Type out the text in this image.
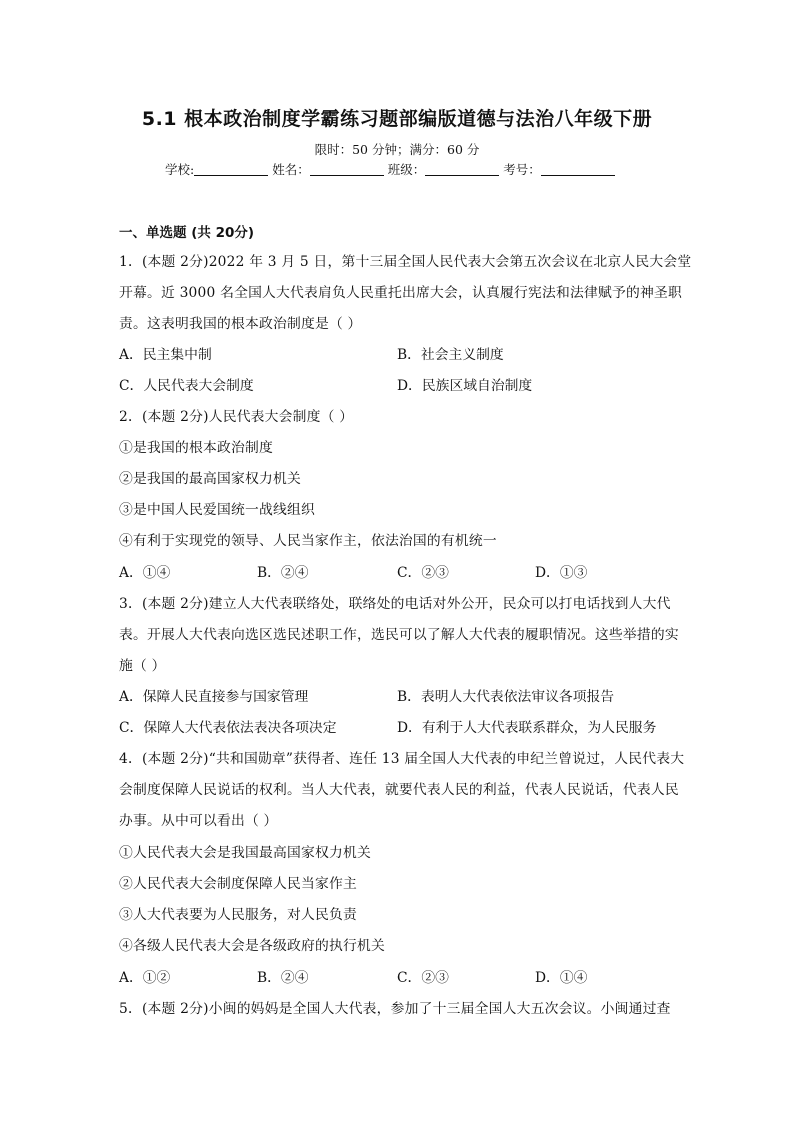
5.1 根本政治制度学霸练习题部编版道德与法治八年级下册
限时：50 分钟；满分：60 分
学校:	姓名：	班级：	考号：
一、单选题 (共 20分)
1．(本题 2分)2022 年 3 月 5 日，第十三届全国人民代表大会第五次会议在北京人民大会堂
开幕。近 3000 名全国人大代表肩负人民重托出席大会，认真履行宪法和法律赋予的神圣职
责。这表明我国的根本政治制度是（ ）
A．民主集中制	B．社会主义制度
C．人民代表大会制度	D．民族区域自治制度
2．(本题 2分)人民代表大会制度（ ）
①是我国的根本政治制度
②是我国的最高国家权力机关
③是中国人民爱国统一战线组织
④有利于实现党的领导、人民当家作主，依法治国的有机统一
A．①④	B．②④	C．②③	D．①③
3．(本题 2分)建立人大代表联络处，联络处的电话对外公开，民众可以打电话找到人大代
表。开展人大代表向选区选民述职工作，选民可以了解人大代表的履职情况。这些举措的实
施（ ）
A．保障人民直接参与国家管理	B．表明人大代表依法审议各项报告
C．保障人大代表依法表决各项决定	D．有利于人大代表联系群众，为人民服务
4．(本题 2分)“共和国勋章”获得者、连任 13 届全国人大代表的申纪兰曾说过，人民代表大
会制度保障人民说话的权利。当人大代表，就要代表人民的利益，代表人民说话，代表人民
办事。从中可以看出（ ）
①人民代表大会是我国最高国家权力机关
②人民代表大会制度保障人民当家作主
③人大代表要为人民服务，对人民负责
④各级人民代表大会是各级政府的执行机关
A．①②	B．②④	C．②③	D．①④
5．(本题 2分)小闽的妈妈是全国人大代表，参加了十三届全国人大五次会议。小闽通过查
